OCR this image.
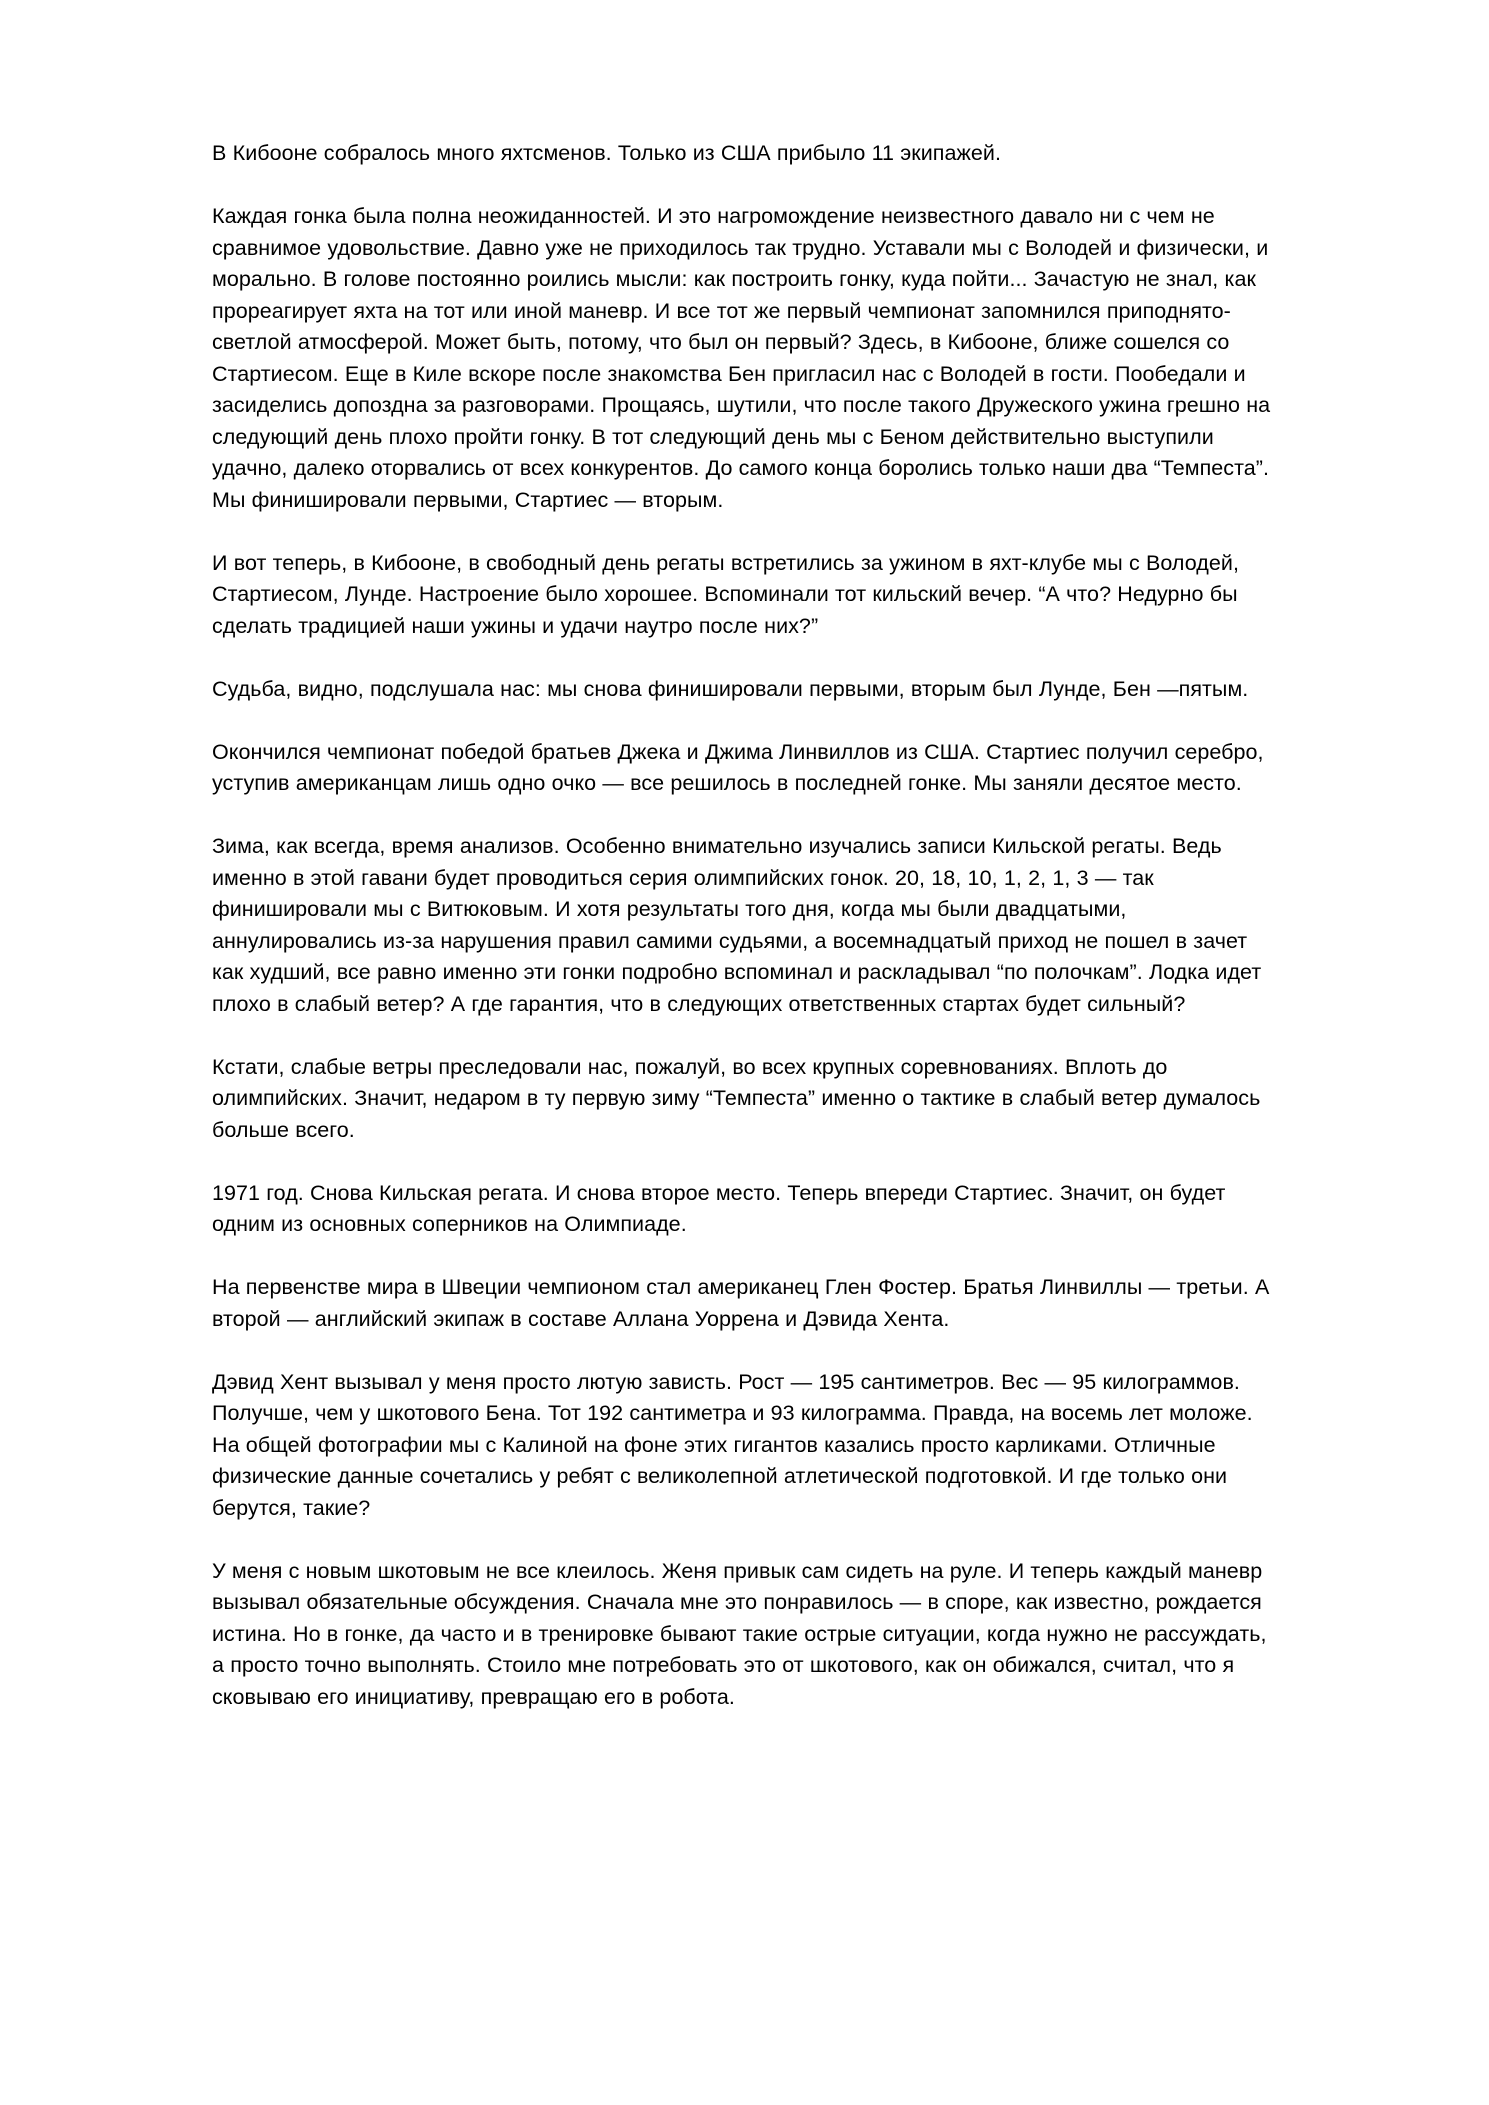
В Кибооне собралось много яхтсменов. Только из США прибыло 11 экипажей.

Каждая гонка была полна неожиданностей. И это нагромождение неизвестного давало ни с чем не сравнимое удовольствие. Давно уже не приходилось так трудно. Уставали мы с Володей и физически, и морально. В голове постоянно роились мысли: как построить гонку, куда пойти... Зачастую не знал, как прореагирует яхта на тот или иной маневр. И все тот же первый чемпионат запомнился приподнято-светлой атмосферой. Может быть, потому, что был он первый? Здесь, в Кибооне, ближе сошелся со Стартиесом. Еще в Киле вскоре после знакомства Бен пригласил нас с Володей в гости. Пообедали и засиделись допоздна за разговорами. Прощаясь, шутили, что после такого Дружеского ужина грешно на следующий день плохо пройти гонку. В тот следующий день мы с Беном действительно выступили удачно, далеко оторвались от всех конкурентов. До самого конца боролись только наши два “Темпеста”. Мы финишировали первыми, Стартиес — вторым.

И вот теперь, в Кибооне, в свободный день регаты встретились за ужином в яхт-клубе мы с Володей, Стартиесом, Лунде. Настроение было хорошее. Вспоминали тот кильский вечер. “А что? Недурно бы сделать традицией наши ужины и удачи наутро после них?”

Судьба, видно, подслушала нас: мы снова финишировали первыми, вторым был Лунде, Бен —пятым.

Окончился чемпионат победой братьев Джека и Джима Линвиллов из США. Стартиес получил серебро, уступив американцам лишь одно очко — все решилось в последней гонке. Мы заняли десятое место.

Зима, как всегда, время анализов. Особенно внимательно изучались записи Кильской регаты. Ведь именно в этой гавани будет проводиться серия олимпийских гонок. 20, 18, 10, 1, 2, 1, 3 — так финишировали мы с Витюковым. И хотя результаты того дня, когда мы были двадцатыми, аннулировались из-за нарушения правил самими судьями, а восемнадцатый приход не пошел в зачет как худший, все равно именно эти гонки подробно вспоминал и раскладывал “по полочкам”. Лодка идет плохо в слабый ветер? А где гарантия, что в следующих ответственных стартах будет сильный?

Кстати, слабые ветры преследовали нас, пожалуй, во всех крупных соревнованиях. Вплоть до олимпийских. Значит, недаром в ту первую зиму “Темпеста” именно о тактике в слабый ветер думалось больше всего.

1971 год. Снова Кильская регата. И снова второе место. Теперь впереди Стартиес. Значит, он будет одним из основных соперников на Олимпиаде.

На первенстве мира в Швеции чемпионом стал американец Глен Фостер. Братья Линвиллы — третьи. А второй — английский экипаж в составе Аллана Уоррена и Дэвида Хента.

Дэвид Хент вызывал у меня просто лютую зависть. Рост — 195 сантиметров. Вес — 95 килограммов. Получше, чем у шкотового Бена. Тот 192 сантиметра и 93 килограмма. Правда, на восемь лет моложе. На общей фотографии мы с Калиной на фоне этих гигантов казались просто карликами. Отличные физические данные сочетались у ребят с великолепной атлетической подготовкой. И где только они берутся, такие?

У меня с новым шкотовым не все клеилось. Женя привык сам сидеть на руле. И теперь каждый маневр вызывал обязательные обсуждения. Сначала мне это понравилось — в споре, как известно, рождается истина. Но в гонке, да часто и в тренировке бывают такие острые ситуации, когда нужно не рассуждать, а просто точно выполнять. Стоило мне потребовать это от шкотового, как он обижался, считал, что я сковываю его инициативу, превращаю его в робота.
